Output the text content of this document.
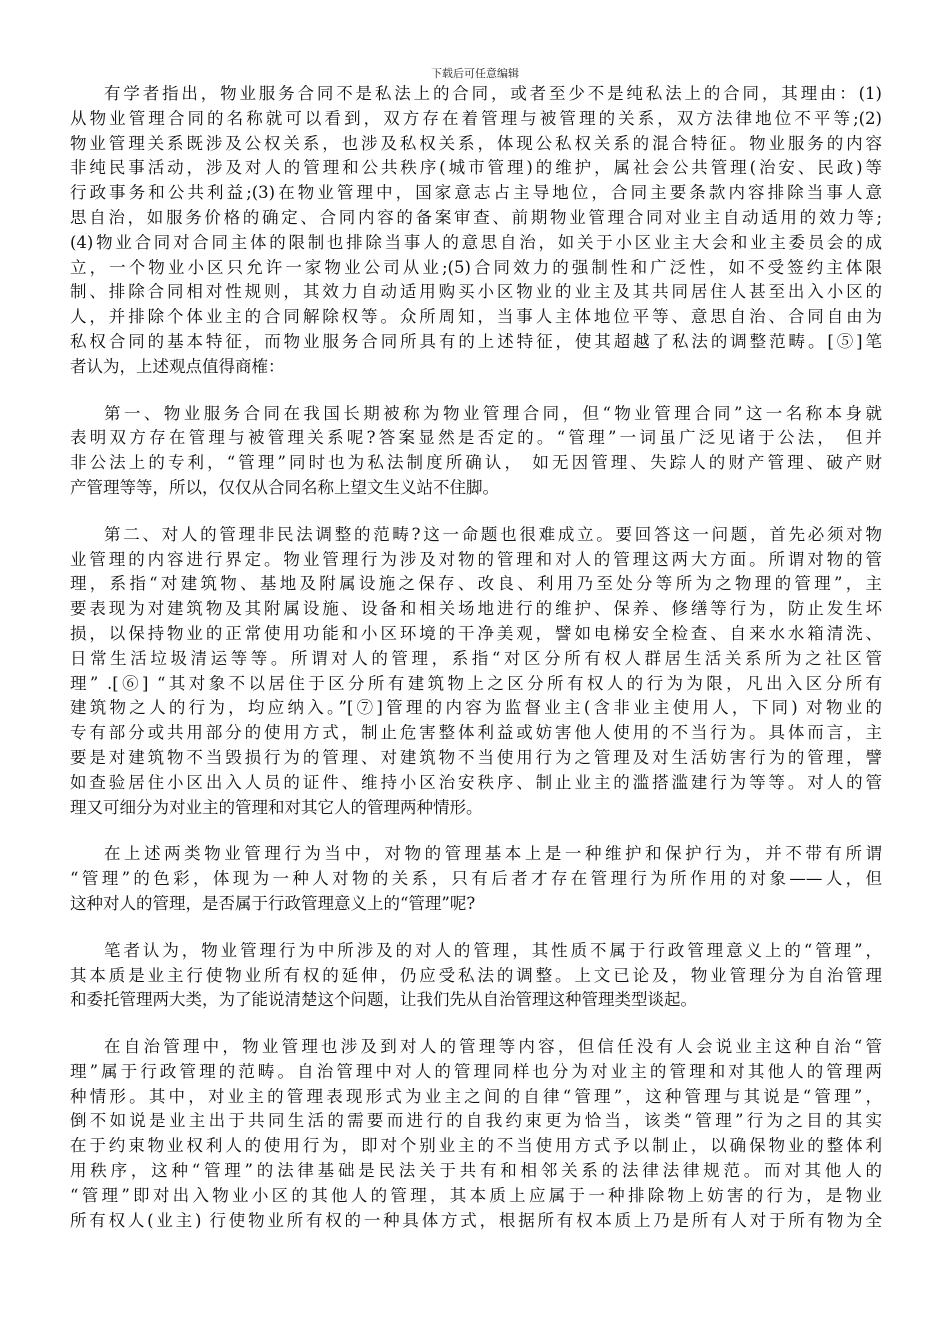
下载后可任意编辑

有学者指出，物业服务合同不是私法上的合同，或者至少不是纯私法上的合同，其理由：(1)
从物业管理合同的名称就可以看到，双方存在着管理与被管理的关系，双方法律地位不平等;(2)
物业管理关系既涉及公权关系，也涉及私权关系，体现公私权关系的混合特征。物业服务的内容
非纯民事活动，涉及对人的管理和公共秩序(城市管理)的维护，属社会公共管理(治安、民政)等
行政事务和公共利益;(3)在物业管理中，国家意志占主导地位，合同主要条款内容排除当事人意
思自治，如服务价格的确定、合同内容的备案审查、前期物业管理合同对业主自动适用的效力等;
(4)物业合同对合同主体的限制也排除当事人的意思自治，如关于小区业主大会和业主委员会的成
立，一个物业小区只允许一家物业公司从业;(5)合同效力的强制性和广泛性，如不受签约主体限
制、排除合同相对性规则，其效力自动适用购买小区物业的业主及其共同居住人甚至出入小区的
人，并排除个体业主的合同解除权等。众所周知，当事人主体地位平等、意思自治、合同自由为
私权合同的基本特征，而物业服务合同所具有的上述特征，使其超越了私法的调整范畴。[⑤]笔
者认为，上述观点值得商榷：

第一、物业服务合同在我国长期被称为物业管理合同，但“物业管理合同”这一名称本身就
表明双方存在管理与被管理关系呢?答案显然是否定的。“管理”一词虽广泛见诸于公法， 但并
非公法上的专利，“管理”同时也为私法制度所确认， 如无因管理、失踪人的财产管理、破产财
产管理等等，所以，仅仅从合同名称上望文生义站不住脚。

第二、对人的管理非民法调整的范畴?这一命题也很难成立。要回答这一问题，首先必须对物
业管理的内容进行界定。物业管理行为涉及对物的管理和对人的管理这两大方面。所谓对物的管
理，系指“对建筑物、基地及附属设施之保存、改良、利用乃至处分等所为之物理的管理”，主
要表现为对建筑物及其附属设施、设备和相关场地进行的维护、保养、修缮等行为，防止发生坏
损，以保持物业的正常使用功能和小区环境的干净美观，譬如电梯安全检查、自来水水箱清洗、
日常生活垃圾清运等等。所谓对人的管理，系指“对区分所有权人群居生活关系所为之社区管
理” .[⑥] “其对象不以居住于区分所有建筑物上之区分所有权人的行为为限，凡出入区分所有
建筑物之人的行为，均应纳入。”[⑦]管理的内容为监督业主(含非业主使用人，下同) 对物业的
专有部分或共用部分的使用方式，制止危害整体利益或妨害他人使用的不当行为。具体而言，主
要是对建筑物不当毁损行为的管理、对建筑物不当使用行为之管理及对生活妨害行为的管理，譬
如查验居住小区出入人员的证件、维持小区治安秩序、制止业主的滥搭滥建行为等等。对人的管
理又可细分为对业主的管理和对其它人的管理两种情形。

在上述两类物业管理行为当中，对物的管理基本上是一种维护和保护行为，并不带有所谓
“管理”的色彩，体现为一种人对物的关系，只有后者才存在管理行为所作用的对象——人，但
这种对人的管理，是否属于行政管理意义上的“管理”呢?

笔者认为，物业管理行为中所涉及的对人的管理，其性质不属于行政管理意义上的“管理”，
其本质是业主行使物业所有权的延伸，仍应受私法的调整。上文已论及，物业管理分为自治管理
和委托管理两大类，为了能说清楚这个问题，让我们先从自治管理这种管理类型谈起。

在自治管理中，物业管理也涉及到对人的管理等内容，但信任没有人会说业主这种自治“管
理”属于行政管理的范畴。自治管理中对人的管理同样也分为对业主的管理和对其他人的管理两
种情形。其中，对业主的管理表现形式为业主之间的自律“管理”，这种管理与其说是“管理”，
倒不如说是业主出于共同生活的需要而进行的自我约束更为恰当，该类“管理”行为之目的其实
在于约束物业权利人的使用行为，即对个别业主的不当使用方式予以制止，以确保物业的整体利
用秩序，这种“管理”的法律基础是民法关于共有和相邻关系的法律法律规范。而对其他人的
“管理”即对出入物业小区的其他人的管理，其本质上应属于一种排除物上妨害的行为，是物业
所有权人(业主) 行使物业所有权的一种具体方式，根据所有权本质上乃是所有人对于所有物为全
